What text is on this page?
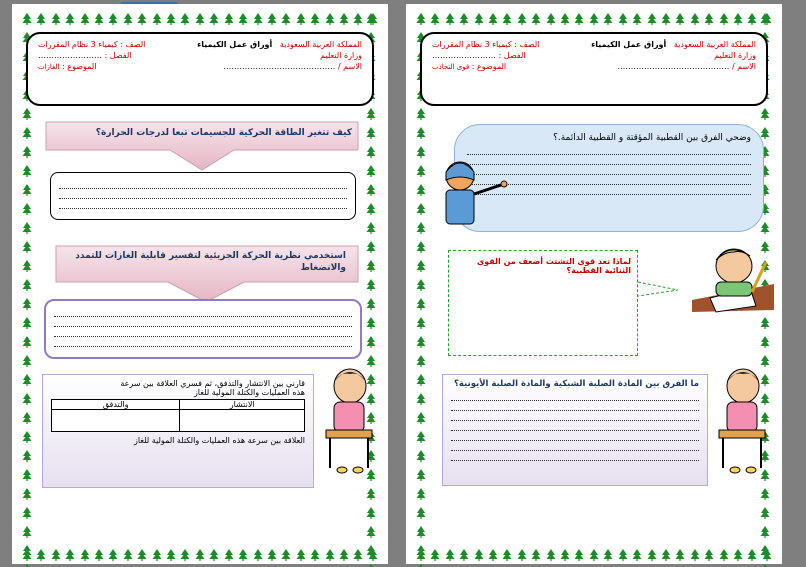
المملكة العربية السعودية   أوراق عمل الكيمياء
الصف : كيمياء 3 نظام المقررات
وزارة التعليم
الفصل : ……………………
الاسم / ……………………………………
الموضوع : الغازات
كيف تتغير الطاقة الحركية للجسيمات تبعا لدرجات الحرارة؟
استخدمي نظرية الحركة الجزيئية لتفسير قابلية الغازات للتمدد والانضغاط
قارني بين الانتشار والتدفق، ثم فسري العلاقة بين سرعة
هذه العمليات والكتلة المولية للغاز
الانتشار	والتدفق

العلاقة بين سرعة هذه العمليات والكتلة المولية للغاز
المملكة العربية السعودية   أوراق عمل الكيمياء
الصف : كيمياء 3 نظام المقررات
وزارة التعليم
الفصل : ……………………
الاسم / ……………………………………
الموضوع : قوى التجاذب
وضحي الفرق بين القطبية المؤقتة و القطبية الدائمة.؟
لماذا تعد قوى التشتت أضعف من القوى الثنائية القطبية؟
ما الفرق بين المادة الصلبة الشبكية والمادة الصلبة الأيونية؟
